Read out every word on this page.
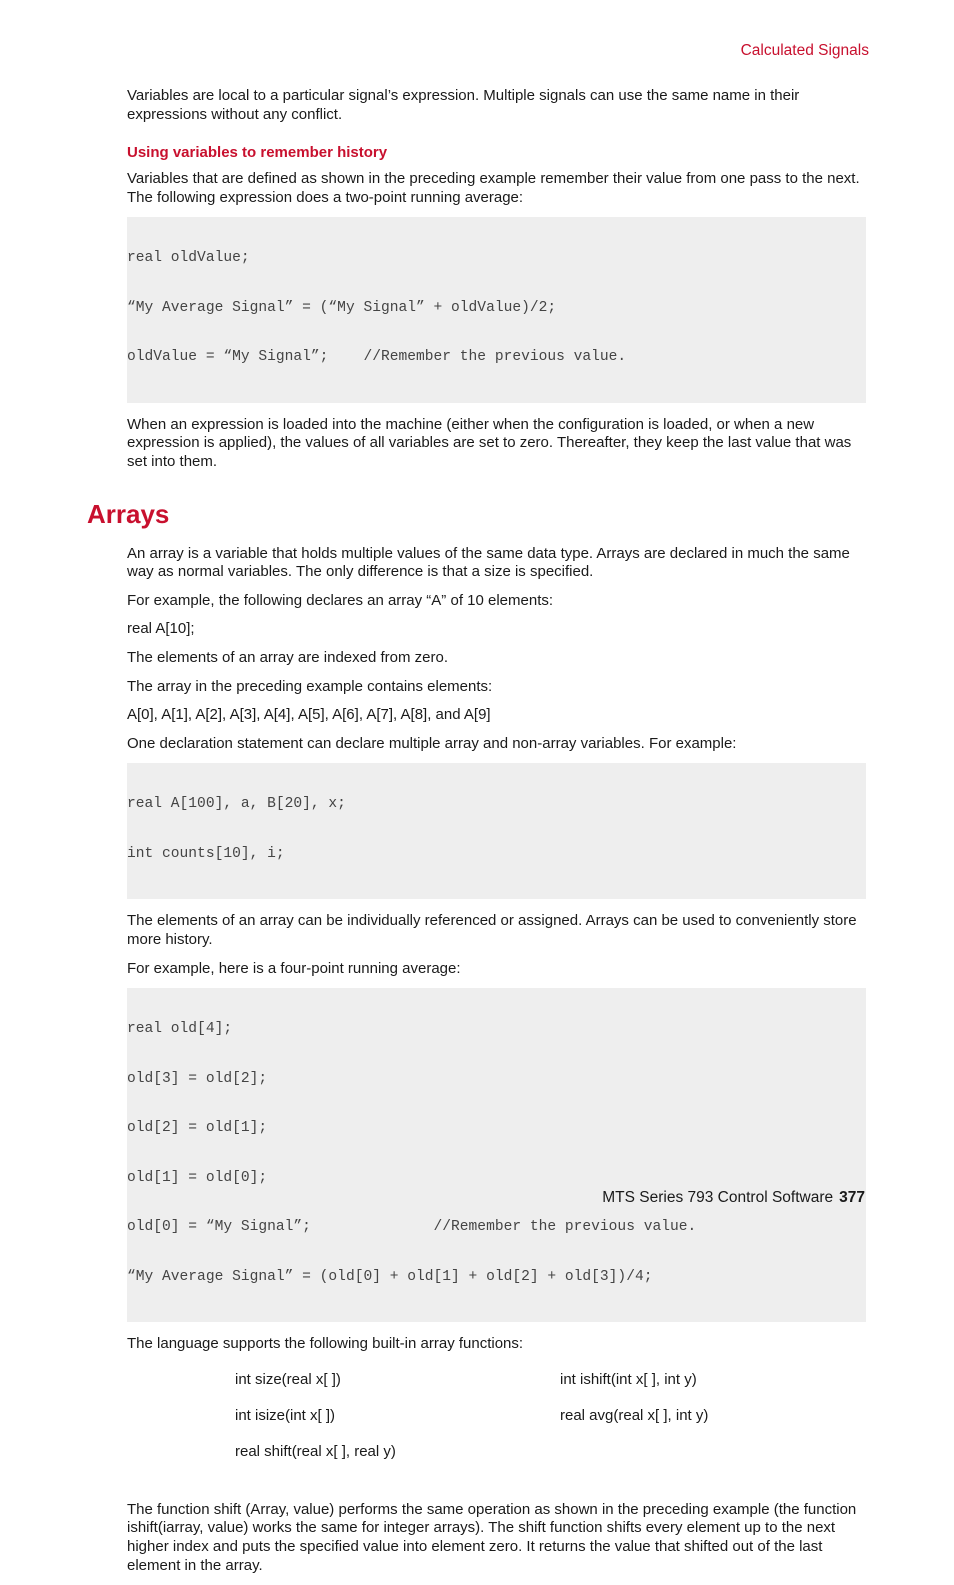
Calculated Signals

Variables are local to a particular signal’s expression. Multiple signals can use the same name in their expressions without any conflict.

Using variables to remember history

Variables that are defined as shown in the preceding example remember their value from one pass to the next. The following expression does a two-point running average:

real oldValue;

“My Average Signal” = (“My Signal” + oldValue)/2;

oldValue = “My Signal”;    //Remember the previous value.

When an expression is loaded into the machine (either when the configuration is loaded, or when a new expression is applied), the values of all variables are set to zero. Thereafter, they keep the last value that was set into them.

Arrays

An array is a variable that holds multiple values of the same data type. Arrays are declared in much the same way as normal variables. The only difference is that a size is specified.

For example, the following declares an array “A” of 10 elements:

real A[10];

The elements of an array are indexed from zero.

The array in the preceding example contains elements:

A[0], A[1], A[2], A[3], A[4], A[5], A[6], A[7], A[8], and A[9]

One declaration statement can declare multiple array and non-array variables. For example:

real A[100], a, B[20], x;

int counts[10], i;

The elements of an array can be individually referenced or assigned. Arrays can be used to conveniently store more history.

For example, here is a four-point running average:

real old[4];

old[3] = old[2];

old[2] = old[1];

old[1] = old[0];

old[0] = “My Signal”;              //Remember the previous value.

“My Average Signal” = (old[0] + old[1] + old[2] + old[3])/4;

The language supports the following built-in array functions:

int size(real x[ ])	int ishift(int x[ ], int y)
int isize(int x[ ])	real avg(real x[ ], int y)
real shift(real x[ ], real y)

The function shift (Array, value) performs the same operation as shown in the preceding example (the function ishift(iarray, value) works the same for integer arrays). The shift function shifts every element up to the next higher index and puts the specified value into element zero. It returns the value that shifted out of the last element in the array.

MTS Series 793 Control Software 377
